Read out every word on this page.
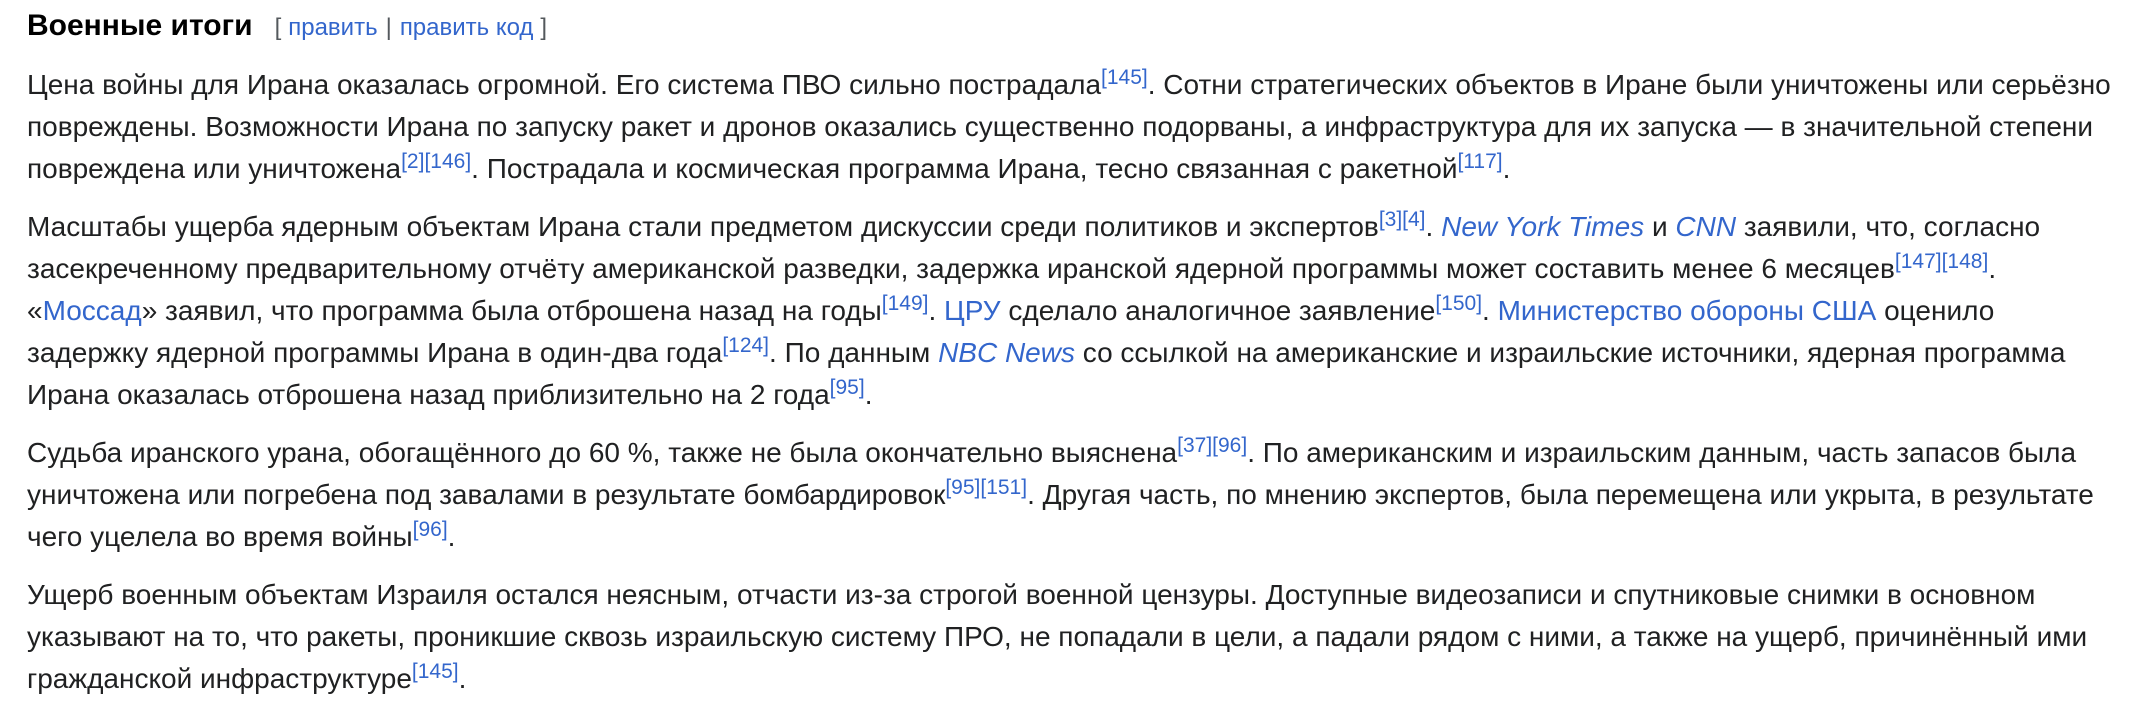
Военные итоги [ править | править код ]

Цена войны для Ирана оказалась огромной. Его система ПВО сильно пострадала[145]. Сотни стратегических объектов в Иране были уничтожены или серьёзно повреждены. Возможности Ирана по запуску ракет и дронов оказались существенно подорваны, а инфраструктура для их запуска — в значительной степени повреждена или уничтожена[2][146]. Пострадала и космическая программа Ирана, тесно связанная с ракетной[117].

Масштабы ущерба ядерным объектам Ирана стали предметом дискуссии среди политиков и экспертов[3][4]. New York Times и CNN заявили, что, согласно засекреченному предварительному отчёту американской разведки, задержка иранской ядерной программы может составить менее 6 месяцев[147][148]. «Моссад» заявил, что программа была отброшена назад на годы[149]. ЦРУ сделало аналогичное заявление[150]. Министерство обороны США оценило задержку ядерной программы Ирана в один-два года[124]. По данным NBC News со ссылкой на американские и израильские источники, ядерная программа Ирана оказалась отброшена назад приблизительно на 2 года[95].

Судьба иранского урана, обогащённого до 60 %, также не была окончательно выяснена[37][96]. По американским и израильским данным, часть запасов была уничтожена или погребена под завалами в результате бомбардировок[95][151]. Другая часть, по мнению экспертов, была перемещена или укрыта, в результате чего уцелела во время войны[96].

Ущерб военным объектам Израиля остался неясным, отчасти из-за строгой военной цензуры. Доступные видеозаписи и спутниковые снимки в основном указывают на то, что ракеты, проникшие сквозь израильскую систему ПРО, не попадали в цели, а падали рядом с ними, а также на ущерб, причинённый ими гражданской инфраструктуре[145].
